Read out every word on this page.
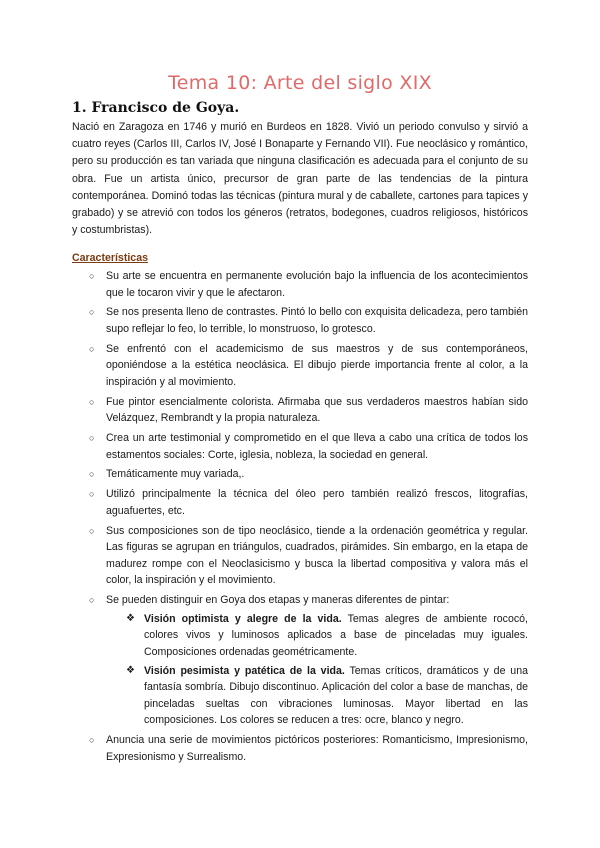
Tema 10: Arte del siglo XIX
1. Francisco de Goya.
Nació en Zaragoza en 1746 y murió en Burdeos en 1828. Vivió un periodo convulso y sirvió a cuatro reyes (Carlos III, Carlos IV, José I Bonaparte y Fernando VII). Fue neoclásico y romántico, pero su producción es tan variada que ninguna clasificación es adecuada para el conjunto de su obra. Fue un artista único, precursor de gran parte de las tendencias de la pintura contemporánea. Dominó todas las técnicas (pintura mural y de caballete, cartones para tapices y grabado) y se atrevió con todos los géneros (retratos, bodegones, cuadros religiosos, históricos y costumbristas).
Características
○ Su arte se encuentra en permanente evolución bajo la influencia de los acontecimientos que le tocaron vivir y que le afectaron.
○ Se nos presenta lleno de contrastes. Pintó lo bello con exquisita delicadeza, pero también supo reflejar lo feo, lo terrible, lo monstruoso, lo grotesco.
○ Se enfrentó con el academicismo de sus maestros y de sus contemporáneos, oponiéndose a la estética neoclásica. El dibujo pierde importancia frente al color, a la inspiración y al movimiento.
○ Fue pintor esencialmente colorista. Afirmaba que sus verdaderos maestros habían sido Velázquez, Rembrandt y la propia naturaleza.
○ Crea un arte testimonial y comprometido en el que lleva a cabo una crítica de todos los estamentos sociales: Corte, iglesia, nobleza, la sociedad en general.
○ Temáticamente muy variada,.
○ Utilizó principalmente la técnica del óleo pero también realizó frescos, litografías, aguafuertes, etc.
○ Sus composiciones son de tipo neoclásico, tiende a la ordenación geométrica y regular. Las figuras se agrupan en triángulos, cuadrados, pirámides. Sin embargo, en la etapa de madurez rompe con el Neoclasicismo y busca la libertad compositiva y valora más el color, la inspiración y el movimiento.
○ Se pueden distinguir en Goya dos etapas y maneras diferentes de pintar:
❖ Visión optimista y alegre de la vida. Temas alegres de ambiente rococó, colores vivos y luminosos aplicados a base de pinceladas muy iguales. Composiciones ordenadas geométricamente.
❖ Visión pesimista y patética de la vida. Temas críticos, dramáticos y de una fantasía sombría. Dibujo discontinuo. Aplicación del color a base de manchas, de pinceladas sueltas con vibraciones luminosas. Mayor libertad en las composiciones. Los colores se reducen a tres: ocre, blanco y negro.
○ Anuncia una serie de movimientos pictóricos posteriores: Romanticismo, Impresionismo, Expresionismo y Surrealismo.
